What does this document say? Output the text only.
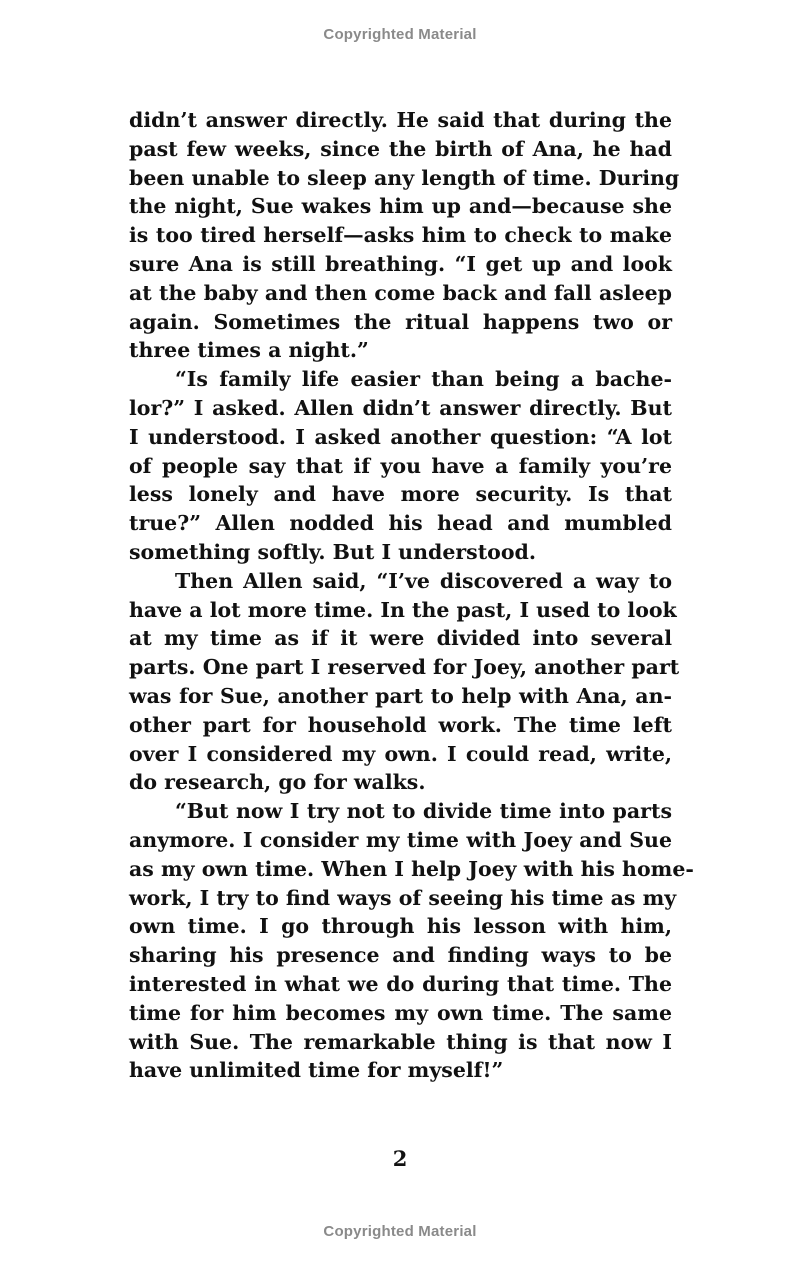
Copyrighted Material
didn’t answer directly. He said that during the
past few weeks, since the birth of Ana, he had
been unable to sleep any length of time. During
the night, Sue wakes him up and—because she
is too tired herself—asks him to check to make
sure Ana is still breathing. “I get up and look
at the baby and then come back and fall asleep
again. Sometimes the ritual happens two or
three times a night.”
“Is family life easier than being a bache-
lor?” I asked. Allen didn’t answer directly. But
I understood. I asked another question: “A lot
of people say that if you have a family you’re
less lonely and have more security. Is that
true?” Allen nodded his head and mumbled
something softly. But I understood.
Then Allen said, “I’ve discovered a way to
have a lot more time. In the past, I used to look
at my time as if it were divided into several
parts. One part I reserved for Joey, another part
was for Sue, another part to help with Ana, an-
other part for household work. The time left
over I considered my own. I could read, write,
do research, go for walks.
“But now I try not to divide time into parts
anymore. I consider my time with Joey and Sue
as my own time. When I help Joey with his home-
work, I try to find ways of seeing his time as my
own time. I go through his lesson with him,
sharing his presence and finding ways to be
interested in what we do during that time. The
time for him becomes my own time. The same
with Sue. The remarkable thing is that now I
have unlimited time for myself!”
2
Copyrighted Material
